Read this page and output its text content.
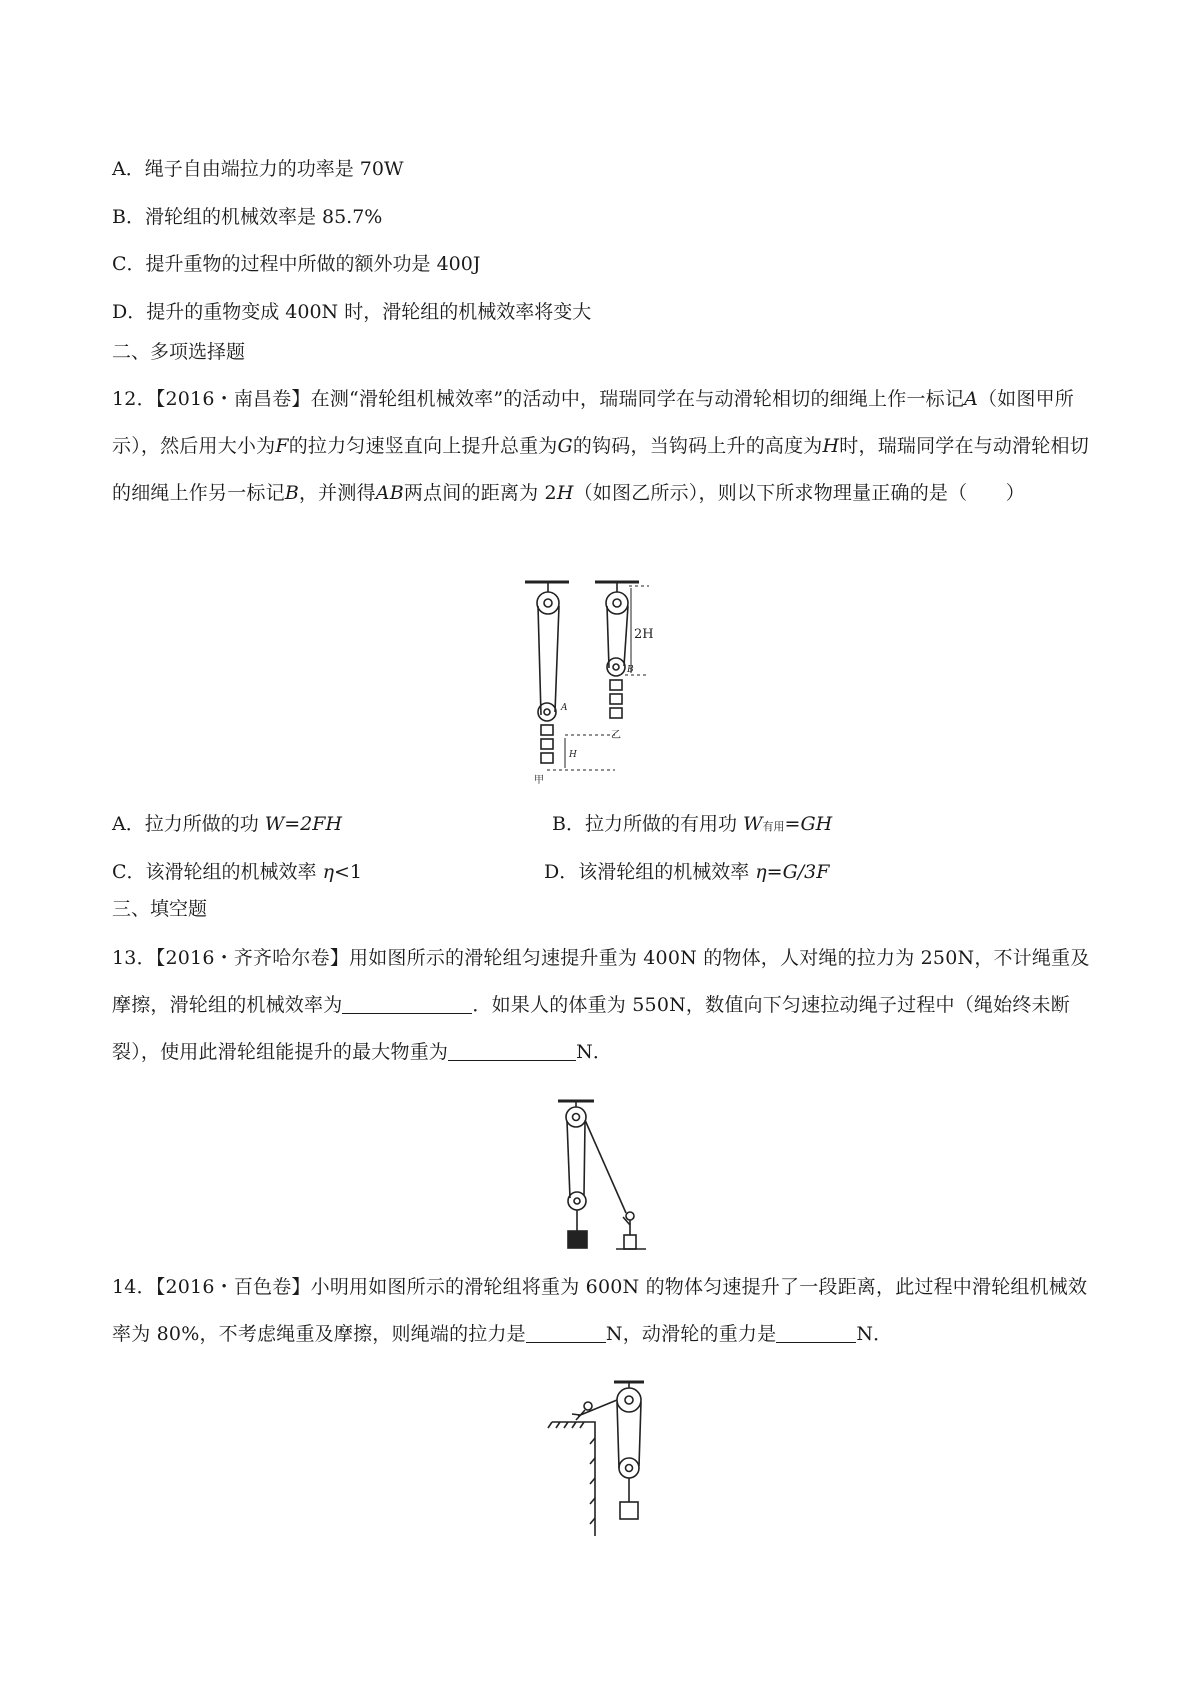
A．绳子自由端拉力的功率是 70W
B．滑轮组的机械效率是 85.7%
C．提升重物的过程中所做的额外功是 400J
D．提升的重物变成 400N 时，滑轮组的机械效率将变大
二、多项选择题
12．【2016・南昌卷】在测“滑轮组机械效率”的活动中，瑞瑞同学在与动滑轮相切的细绳上作一标记A（如图甲所示），然后用大小为F的拉力匀速竖直向上提升总重为G的钩码，当钩码上升的高度为H时，瑞瑞同学在与动滑轮相切的细绳上作另一标记B，并测得AB两点间的距离为 2H（如图乙所示），则以下所求物理量正确的是（　　）
2H
A
B
H
甲
乙
A．拉力所做的功 W=2FH	B．拉力所做的有用功 W有用=GH
C．该滑轮组的机械效率 η<1	D．该滑轮组的机械效率 η=G/3F
三、填空题
13．【2016・齐齐哈尔卷】用如图所示的滑轮组匀速提升重为 400N 的物体，人对绳的拉力为 250N，不计绳重及摩擦，滑轮组的机械效率为	．如果人的体重为 550N，数值向下匀速拉动绳子过程中（绳始终未断裂），使用此滑轮组能提升的最大物重为	N．
14．【2016・百色卷】小明用如图所示的滑轮组将重为 600N 的物体匀速提升了一段距离，此过程中滑轮组机械效率为 80%，不考虑绳重及摩擦，则绳端的拉力是	N，动滑轮的重力是	N．
